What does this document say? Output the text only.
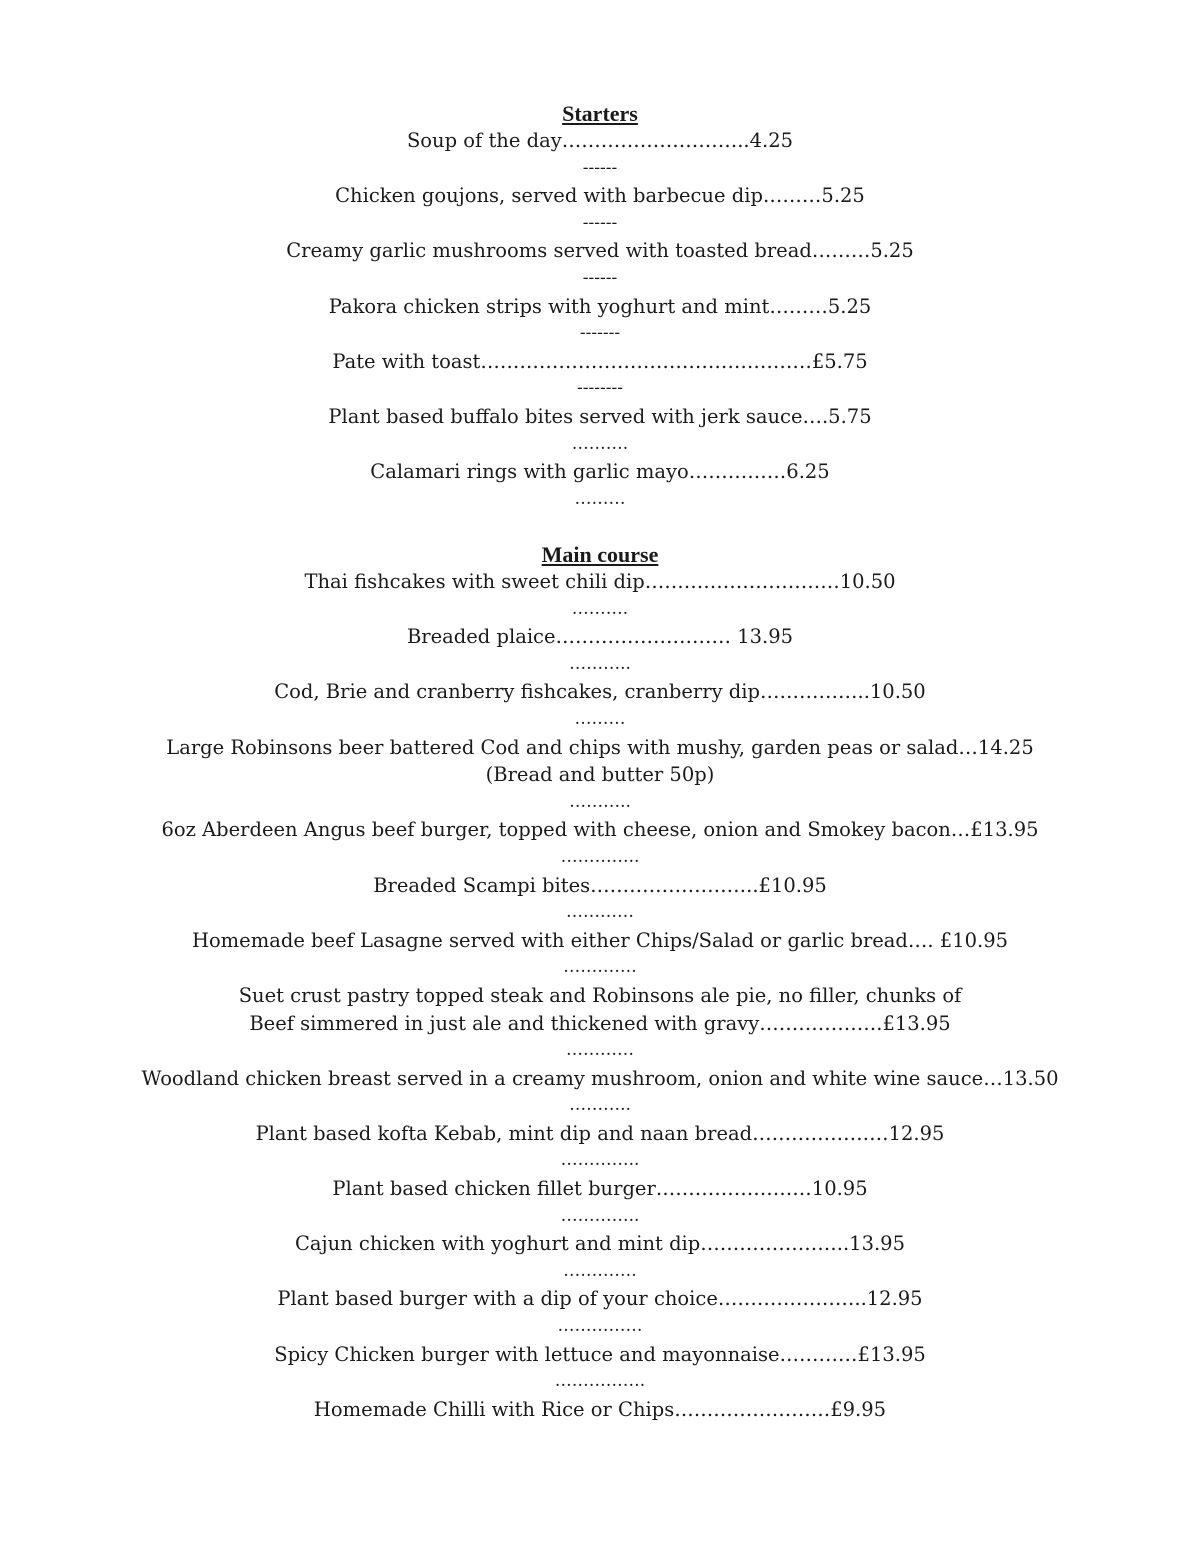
Starters
Soup of the day………………………..4.25
------
Chicken goujons, served with barbecue dip………5.25
------
Creamy garlic mushrooms served with toasted bread………5.25
------
Pakora chicken strips with yoghurt and mint………5.25
-------
Pate with toast……………………………………………£5.75
--------
Plant based buffalo bites served with jerk sauce….5.75
……….
Calamari rings with garlic mayo……………6.25
………
Main course
Thai fishcakes with sweet chili dip…………………………10.50
……….
Breaded plaice……………………… 13.95
………..
Cod, Brie and cranberry fishcakes, cranberry dip……………..10.50
………
Large Robinsons beer battered Cod and chips with mushy, garden peas or salad…14.25
(Bread and butter 50p)
………..
6oz Aberdeen Angus beef burger, topped with cheese, onion and Smokey bacon…£13.95
…………..
Breaded Scampi bites……………………..£10.95
…………
Homemade beef Lasagne served with either Chips/Salad or garlic bread…. £10.95
………….
Suet crust pastry topped steak and Robinsons ale pie, no filler, chunks of
Beef simmered in just ale and thickened with gravy……………….£13.95
…………
Woodland chicken breast served in a creamy mushroom, onion and white wine sauce…13.50
………..
Plant based kofta Kebab, mint dip and naan bread…………………12.95
…………..
Plant based chicken fillet burger……………………10.95
…………..
Cajun chicken with yoghurt and mint dip…………………..13.95
………….
Plant based burger with a dip of your choice…………………..12.95
……………
Spicy Chicken burger with lettuce and mayonnaise…………£13.95
…………….
Homemade Chilli with Rice or Chips……………………£9.95
